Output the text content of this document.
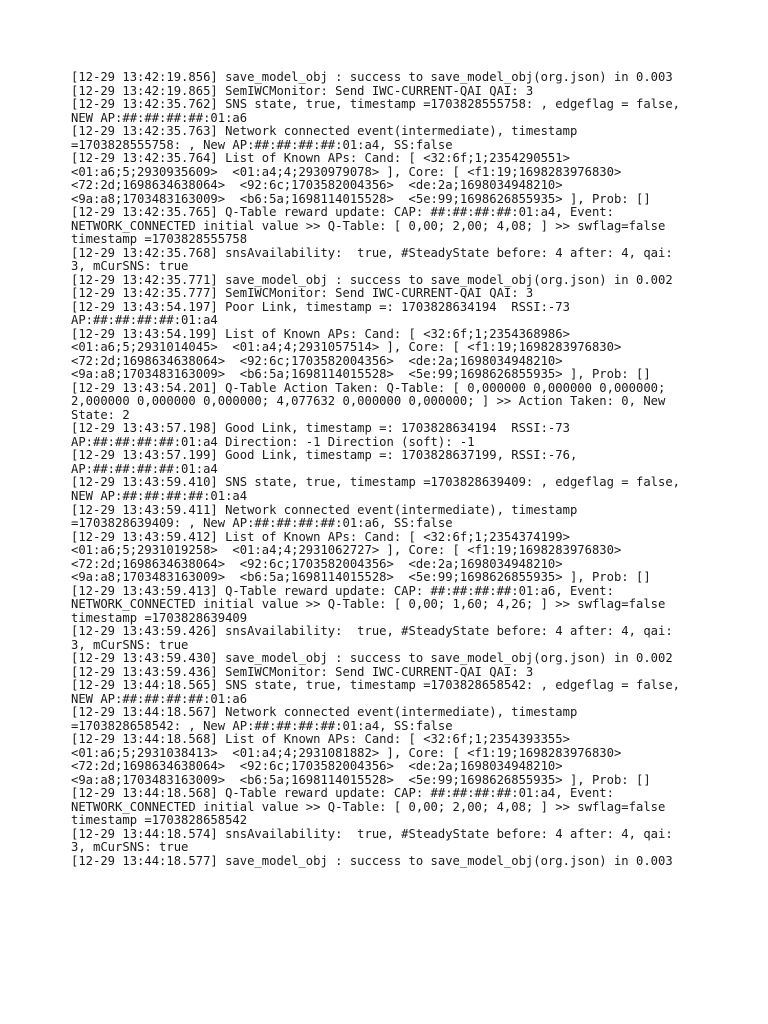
[12-29 13:42:19.856] save_model_obj : success to save_model_obj(org.json) in 0.003
[12-29 13:42:19.865] SemIWCMonitor: Send IWC-CURRENT-QAI QAI: 3
[12-29 13:42:35.762] SNS state, true, timestamp =1703828555758: , edgeflag = false,
NEW AP:##:##:##:##:01:a6
[12-29 13:42:35.763] Network connected event(intermediate), timestamp
=1703828555758: , New AP:##:##:##:##:01:a4, SS:false
[12-29 13:42:35.764] List of Known APs: Cand: [ <32:6f;1;2354290551>
<01:a6;5;2930935609>  <01:a4;4;2930979078> ], Core: [ <f1:19;1698283976830>
<72:2d;1698634638064>  <92:6c;1703582004356>  <de:2a;1698034948210>
<9a:a8;1703483163009>  <b6:5a;1698114015528>  <5e:99;1698626855935> ], Prob: []
[12-29 13:42:35.765] Q-Table reward update: CAP: ##:##:##:##:01:a4, Event:
NETWORK_CONNECTED initial value >> Q-Table: [ 0,00; 2,00; 4,08; ] >> swflag=false
timestamp =1703828555758
[12-29 13:42:35.768] snsAvailability:  true, #SteadyState before: 4 after: 4, qai:
3, mCurSNS: true
[12-29 13:42:35.771] save_model_obj : success to save_model_obj(org.json) in 0.002
[12-29 13:42:35.777] SemIWCMonitor: Send IWC-CURRENT-QAI QAI: 3
[12-29 13:43:54.197] Poor Link, timestamp =: 1703828634194  RSSI:-73
AP:##:##:##:##:01:a4
[12-29 13:43:54.199] List of Known APs: Cand: [ <32:6f;1;2354368986>
<01:a6;5;2931014045>  <01:a4;4;2931057514> ], Core: [ <f1:19;1698283976830>
<72:2d;1698634638064>  <92:6c;1703582004356>  <de:2a;1698034948210>
<9a:a8;1703483163009>  <b6:5a;1698114015528>  <5e:99;1698626855935> ], Prob: []
[12-29 13:43:54.201] Q-Table Action Taken: Q-Table: [ 0,000000 0,000000 0,000000;
2,000000 0,000000 0,000000; 4,077632 0,000000 0,000000; ] >> Action Taken: 0, New
State: 2
[12-29 13:43:57.198] Good Link, timestamp =: 1703828634194  RSSI:-73
AP:##:##:##:##:01:a4 Direction: -1 Direction (soft): -1
[12-29 13:43:57.199] Good Link, timestamp =: 1703828637199, RSSI:-76,
AP:##:##:##:##:01:a4
[12-29 13:43:59.410] SNS state, true, timestamp =1703828639409: , edgeflag = false,
NEW AP:##:##:##:##:01:a4
[12-29 13:43:59.411] Network connected event(intermediate), timestamp
=1703828639409: , New AP:##:##:##:##:01:a6, SS:false
[12-29 13:43:59.412] List of Known APs: Cand: [ <32:6f;1;2354374199>
<01:a6;5;2931019258>  <01:a4;4;2931062727> ], Core: [ <f1:19;1698283976830>
<72:2d;1698634638064>  <92:6c;1703582004356>  <de:2a;1698034948210>
<9a:a8;1703483163009>  <b6:5a;1698114015528>  <5e:99;1698626855935> ], Prob: []
[12-29 13:43:59.413] Q-Table reward update: CAP: ##:##:##:##:01:a6, Event:
NETWORK_CONNECTED initial value >> Q-Table: [ 0,00; 1,60; 4,26; ] >> swflag=false
timestamp =1703828639409
[12-29 13:43:59.426] snsAvailability:  true, #SteadyState before: 4 after: 4, qai:
3, mCurSNS: true
[12-29 13:43:59.430] save_model_obj : success to save_model_obj(org.json) in 0.002
[12-29 13:43:59.436] SemIWCMonitor: Send IWC-CURRENT-QAI QAI: 3
[12-29 13:44:18.565] SNS state, true, timestamp =1703828658542: , edgeflag = false,
NEW AP:##:##:##:##:01:a6
[12-29 13:44:18.567] Network connected event(intermediate), timestamp
=1703828658542: , New AP:##:##:##:##:01:a4, SS:false
[12-29 13:44:18.568] List of Known APs: Cand: [ <32:6f;1;2354393355>
<01:a6;5;2931038413>  <01:a4;4;2931081882> ], Core: [ <f1:19;1698283976830>
<72:2d;1698634638064>  <92:6c;1703582004356>  <de:2a;1698034948210>
<9a:a8;1703483163009>  <b6:5a;1698114015528>  <5e:99;1698626855935> ], Prob: []
[12-29 13:44:18.568] Q-Table reward update: CAP: ##:##:##:##:01:a4, Event:
NETWORK_CONNECTED initial value >> Q-Table: [ 0,00; 2,00; 4,08; ] >> swflag=false
timestamp =1703828658542
[12-29 13:44:18.574] snsAvailability:  true, #SteadyState before: 4 after: 4, qai:
3, mCurSNS: true
[12-29 13:44:18.577] save_model_obj : success to save_model_obj(org.json) in 0.003
